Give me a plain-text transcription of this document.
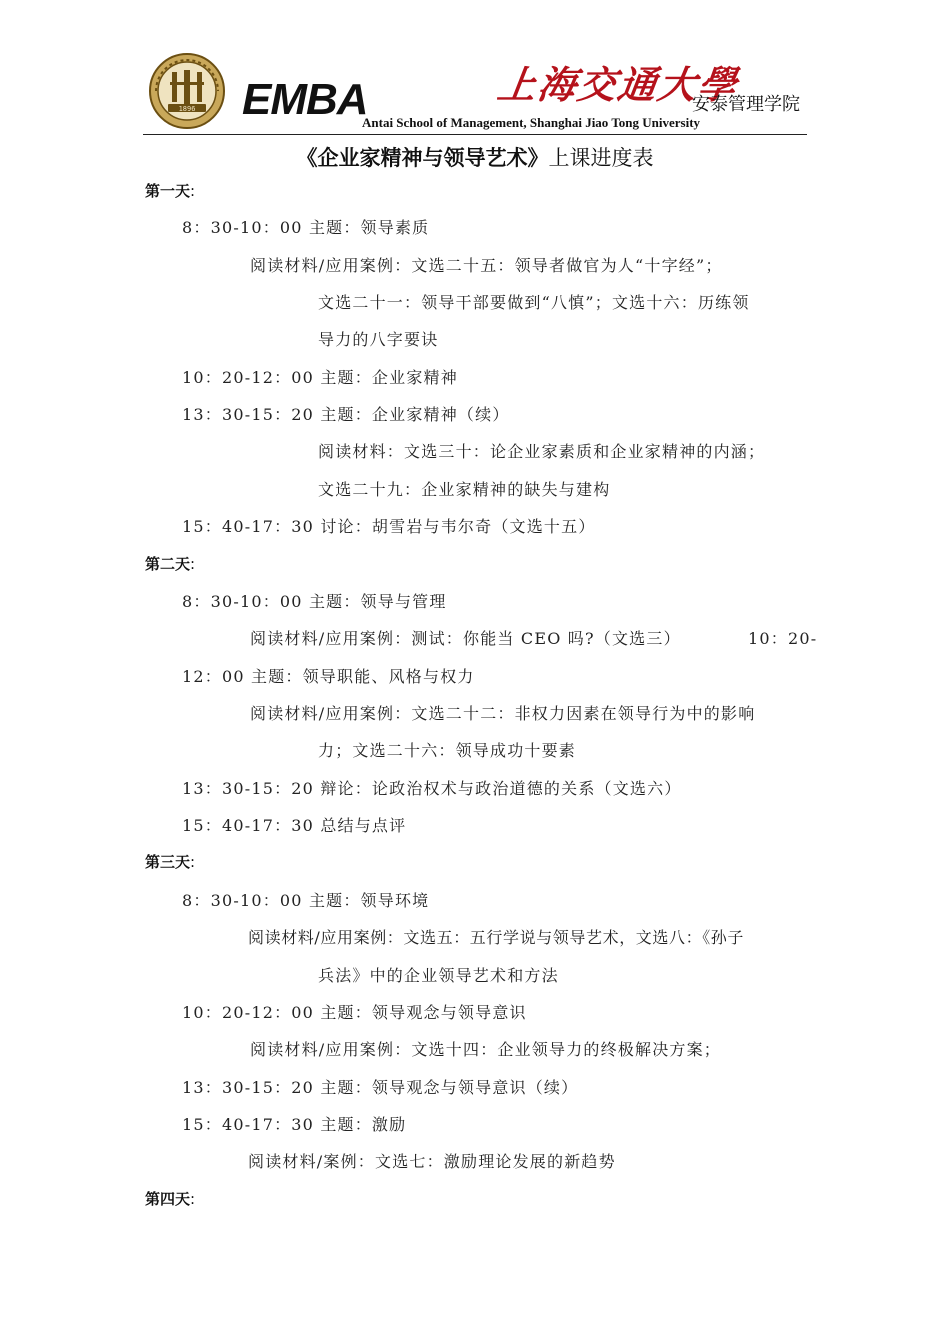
1896 EMBA	上海交通大學
安泰管理学院
Antai School of Management, Shanghai Jiao Tong University
《企业家精神与领导艺术》上课进度表
第一天:
8：30-10：00 主题：领导素质
阅读材料/应用案例：文选二十五：领导者做官为人“十字经”；
文选二十一：领导干部要做到“八慎”；文选十六：历练领
导力的八字要诀
10：20-12：00 主题：企业家精神
13：30-15：20 主题：企业家精神（续）
阅读材料：文选三十：论企业家素质和企业家精神的内涵；
文选二十九：企业家精神的缺失与建构
15：40-17：30 讨论：胡雪岩与韦尔奇（文选十五）
第二天:
8：30-10：00 主题：领导与管理
阅读材料/应用案例：测试：你能当 CEO 吗?（文选三）	10：20-
12：00 主题：领导职能、风格与权力
阅读材料/应用案例：文选二十二：非权力因素在领导行为中的影响
力；文选二十六：领导成功十要素
13：30-15：20 辩论：论政治权术与政治道德的关系（文选六）
15：40-17：30 总结与点评
第三天:
8：30-10：00 主题：领导环境
阅读材料/应用案例：文选五：五行学说与领导艺术，文选八：《孙子
兵法》中的企业领导艺术和方法
10：20-12：00 主题：领导观念与领导意识
阅读材料/应用案例：文选十四：企业领导力的终极解决方案；
13：30-15：20 主题：领导观念与领导意识（续）
15：40-17：30 主题：激励
阅读材料/案例：文选七：激励理论发展的新趋势
第四天:
